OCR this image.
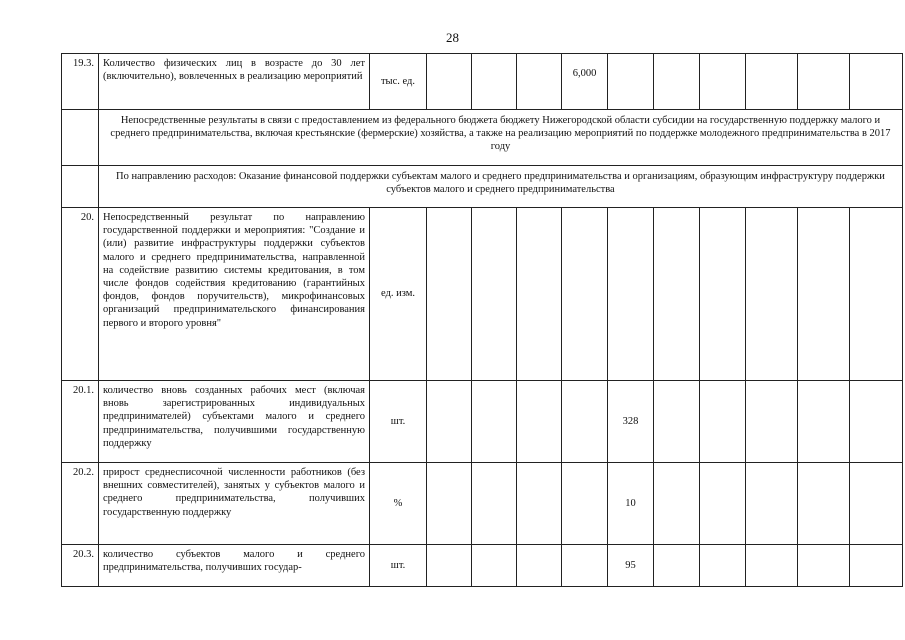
28
19.3.	Количество физических лиц в возрасте до 30 лет (включительно), вовлеченных в реализацию мероприятий	тыс. ед.				6,000						
	Непосредственные результаты в связи с предоставлением из федерального бюджета бюджету Нижегородской области субсидии на государственную поддержку малого и среднего предпринимательства, включая крестьянские (фермерские) хозяйства, а также на реализацию мероприятий по поддержке молодежного предпринимательства в 2017 году											
	По направлению расходов: Оказание финансовой поддержки субъектам малого и среднего предпринимательства и организациям, образующим инфраструктуру поддержки субъектов малого и среднего предпринимательства											
20.	Непосредственный результат по направлению государственной поддержки и мероприятия: "Создание и (или) развитие инфраструктуры поддержки субъектов малого и среднего предпринимательства, направленной на содействие развитию системы кредитования, в том числе фондов содействия кредитованию (гарантийных фондов, фондов поручительств), микрофинансовых организаций предпринимательского финансирования первого и второго уровня"	ед. изм.										
20.1.	количество вновь созданных рабочих мест (включая вновь зарегистрированных индивидуальных предпринимателей) субъектами малого и среднего предпринимательства, получившими государственную поддержку	шт.					328					
20.2.	прирост среднесписочной численности работников (без внешних совместителей), занятых у субъектов малого и среднего предпринимательства, получивших государственную поддержку	%					10					
20.3.	количество субъектов малого и среднего предпринимательства, получивших государ-	шт.					95					
